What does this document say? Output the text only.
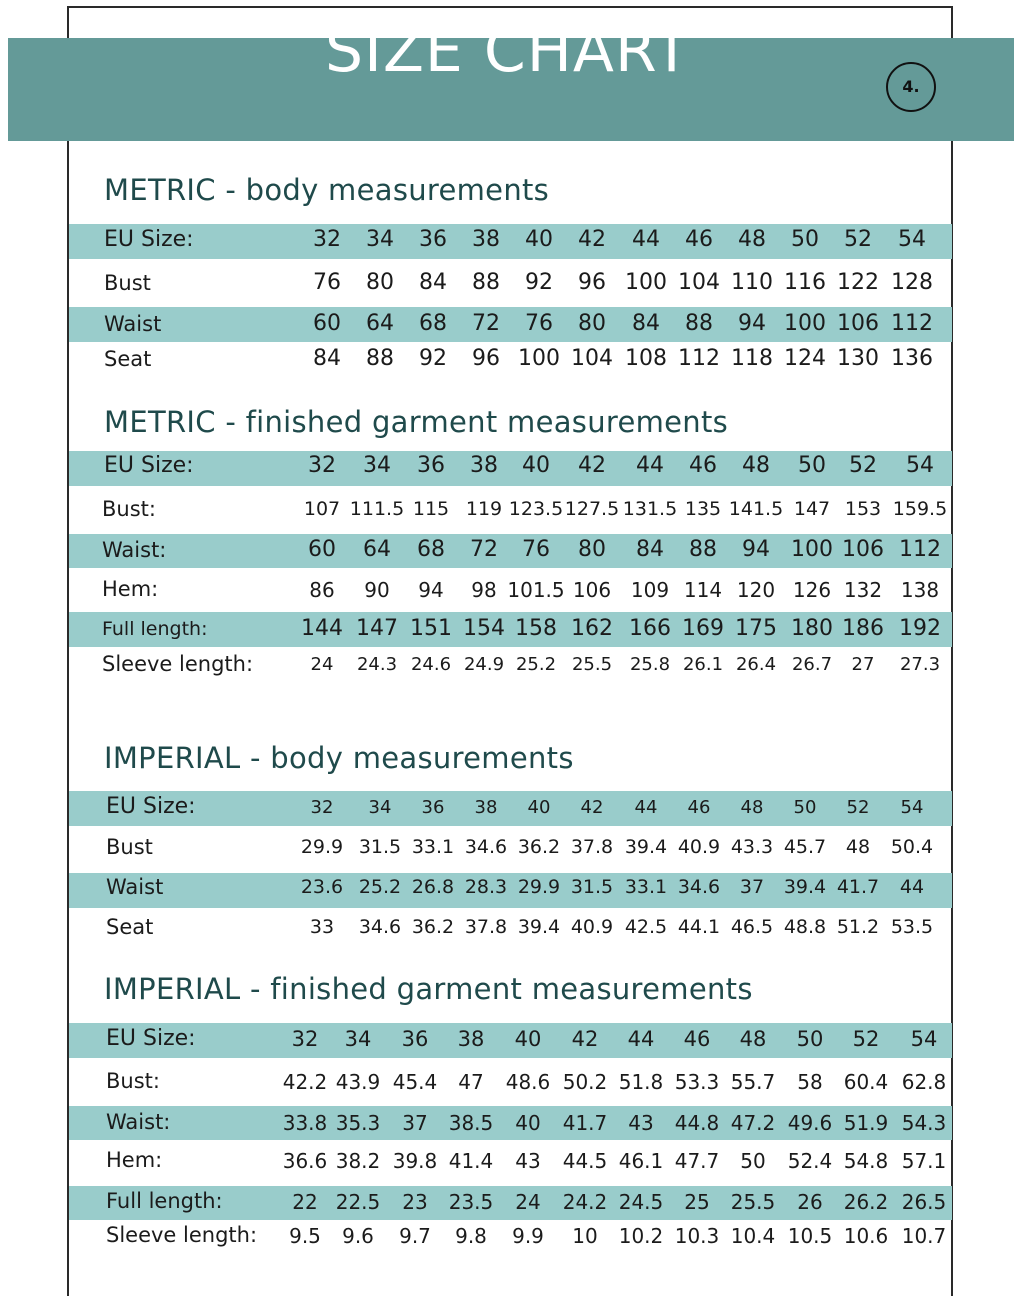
SIZE CHART
4.
METRIC - body measurements
EU Size:	32 34 36 38 40 42 44 46 48 50 52 54
Bust	76 80 84 88 92 96 100 104 110 116 122 128
Waist	60 64 68 72 76 80 84 88 94 100 106 112
Seat	84 88 92 96 100 104 108 112 118 124 130 136
METRIC - finished garment measurements
EU Size:	32 34 36 38 40 42 44 46 48 50 52 54
Bust:	107 111.5 115 119 123.5 127.5 131.5 135 141.5 147 153 159.5
Waist:	60 64 68 72 76 80 84 88 94 100 106 112
Hem:	86 90 94 98 101.5 106 109 114 120 126 132 138
Full length:	144 147 151 154 158 162 166 169 175 180 186 192
Sleeve length:	24 24.3 24.6 24.9 25.2 25.5 25.8 26.1 26.4 26.7 27 27.3
IMPERIAL - body measurements
EU Size:	32 34 36 38 40 42 44 46 48 50 52 54
Bust	29.9 31.5 33.1 34.6 36.2 37.8 39.4 40.9 43.3 45.7 48 50.4
Waist	23.6 25.2 26.8 28.3 29.9 31.5 33.1 34.6 37 39.4 41.7 44
Seat	33 34.6 36.2 37.8 39.4 40.9 42.5 44.1 46.5 48.8 51.2 53.5
IMPERIAL - finished garment measurements
EU Size:	32 34 36 38 40 42 44 46 48 50 52 54
Bust:	42.2 43.9 45.4 47 48.6 50.2 51.8 53.3 55.7 58 60.4 62.8
Waist:	33.8 35.3 37 38.5 40 41.7 43 44.8 47.2 49.6 51.9 54.3
Hem:	36.6 38.2 39.8 41.4 43 44.5 46.1 47.7 50 52.4 54.8 57.1
Full length:	22 22.5 23 23.5 24 24.2 24.5 25 25.5 26 26.2 26.5
Sleeve length: 9.5 9.6 9.7 9.8 9.9 10 10.2 10.3 10.4 10.5 10.6 10.7
